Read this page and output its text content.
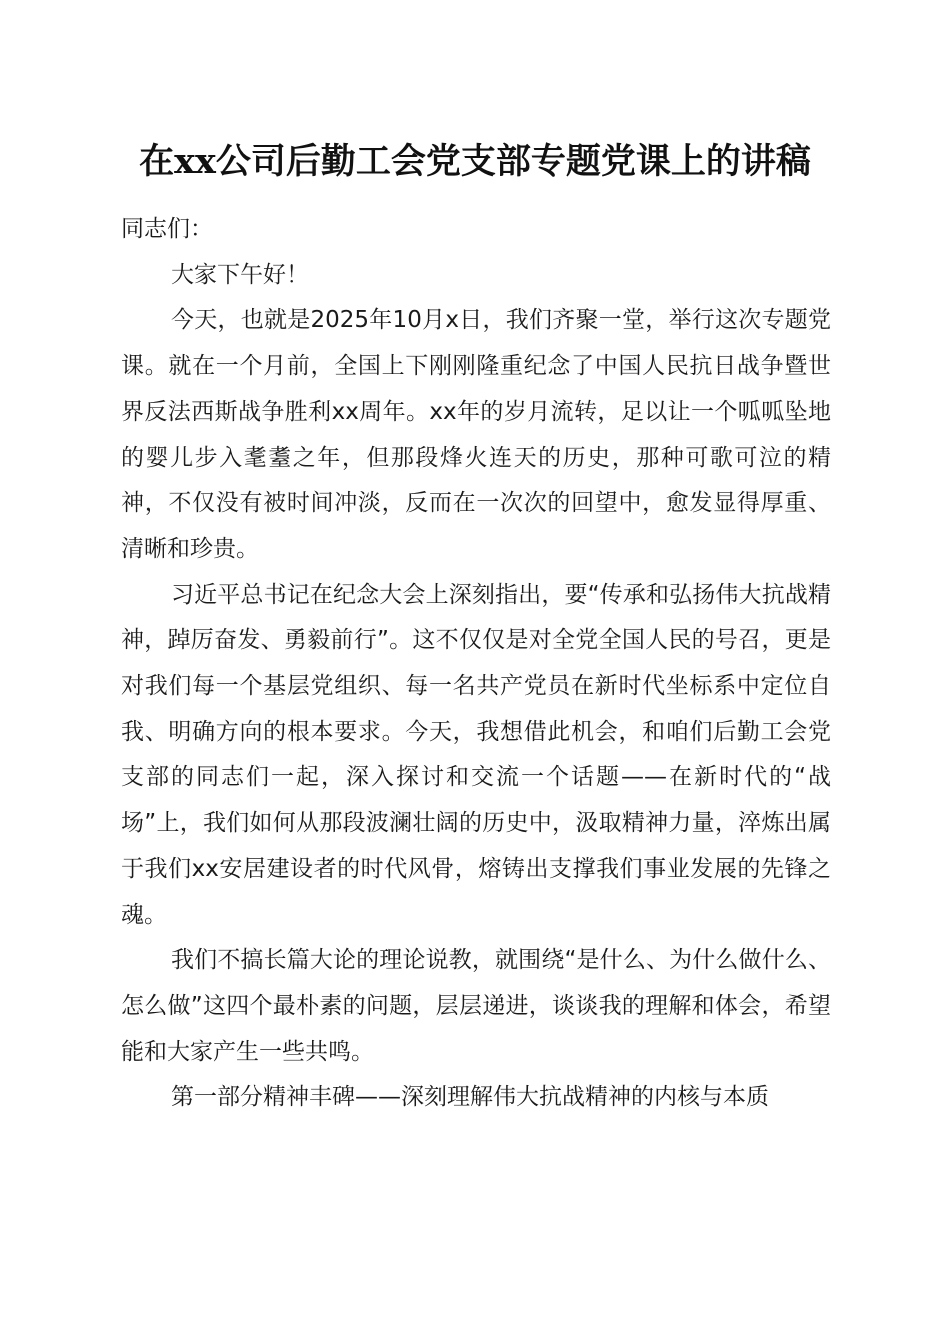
在xx公司后勤工会党支部专题党课上的讲稿

同志们：

大家下午好！

今天，也就是2025年10月x日，我们齐聚一堂，举行这次专题党课。就在一个月前，全国上下刚刚隆重纪念了中国人民抗日战争暨世界反法西斯战争胜利xx周年。xx年的岁月流转，足以让一个呱呱坠地的婴儿步入耄耋之年，但那段烽火连天的历史，那种可歌可泣的精神，不仅没有被时间冲淡，反而在一次次的回望中，愈发显得厚重、清晰和珍贵。

习近平总书记在纪念大会上深刻指出，要“传承和弘扬伟大抗战精神，踔厉奋发、勇毅前行”。这不仅仅是对全党全国人民的号召，更是对我们每一个基层党组织、每一名共产党员在新时代坐标系中定位自我、明确方向的根本要求。今天，我想借此机会，和咱们后勤工会党支部的同志们一起，深入探讨和交流一个话题——在新时代的“战场”上，我们如何从那段波澜壮阔的历史中，汲取精神力量，淬炼出属于我们xx安居建设者的时代风骨，熔铸出支撑我们事业发展的先锋之魂。

我们不搞长篇大论的理论说教，就围绕“是什么、为什么做什么、怎么做”这四个最朴素的问题，层层递进，谈谈我的理解和体会，希望能和大家产生一些共鸣。

第一部分精神丰碑——深刻理解伟大抗战精神的内核与本质
